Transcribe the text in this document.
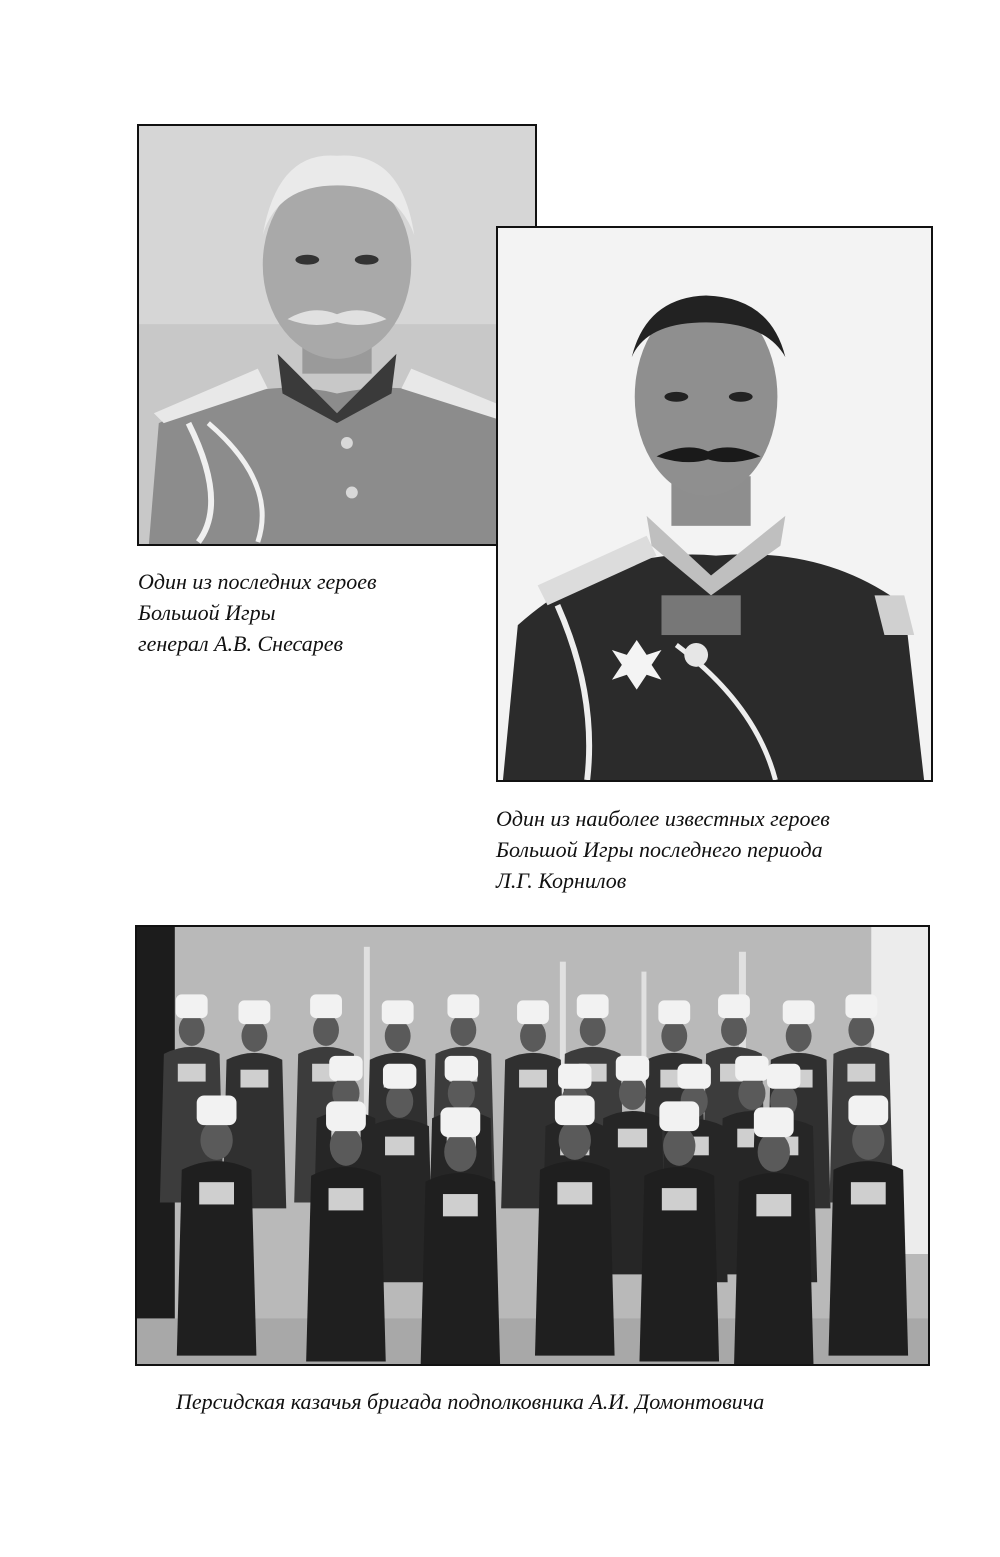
Один из последних героев
Большой Игры
генерал А.В. Снесарев
Один из наиболее известных героев
Большой Игры последнего периода
Л.Г. Корнилов
Персидская казачья бригада подполковника А.И. Домонтовича
